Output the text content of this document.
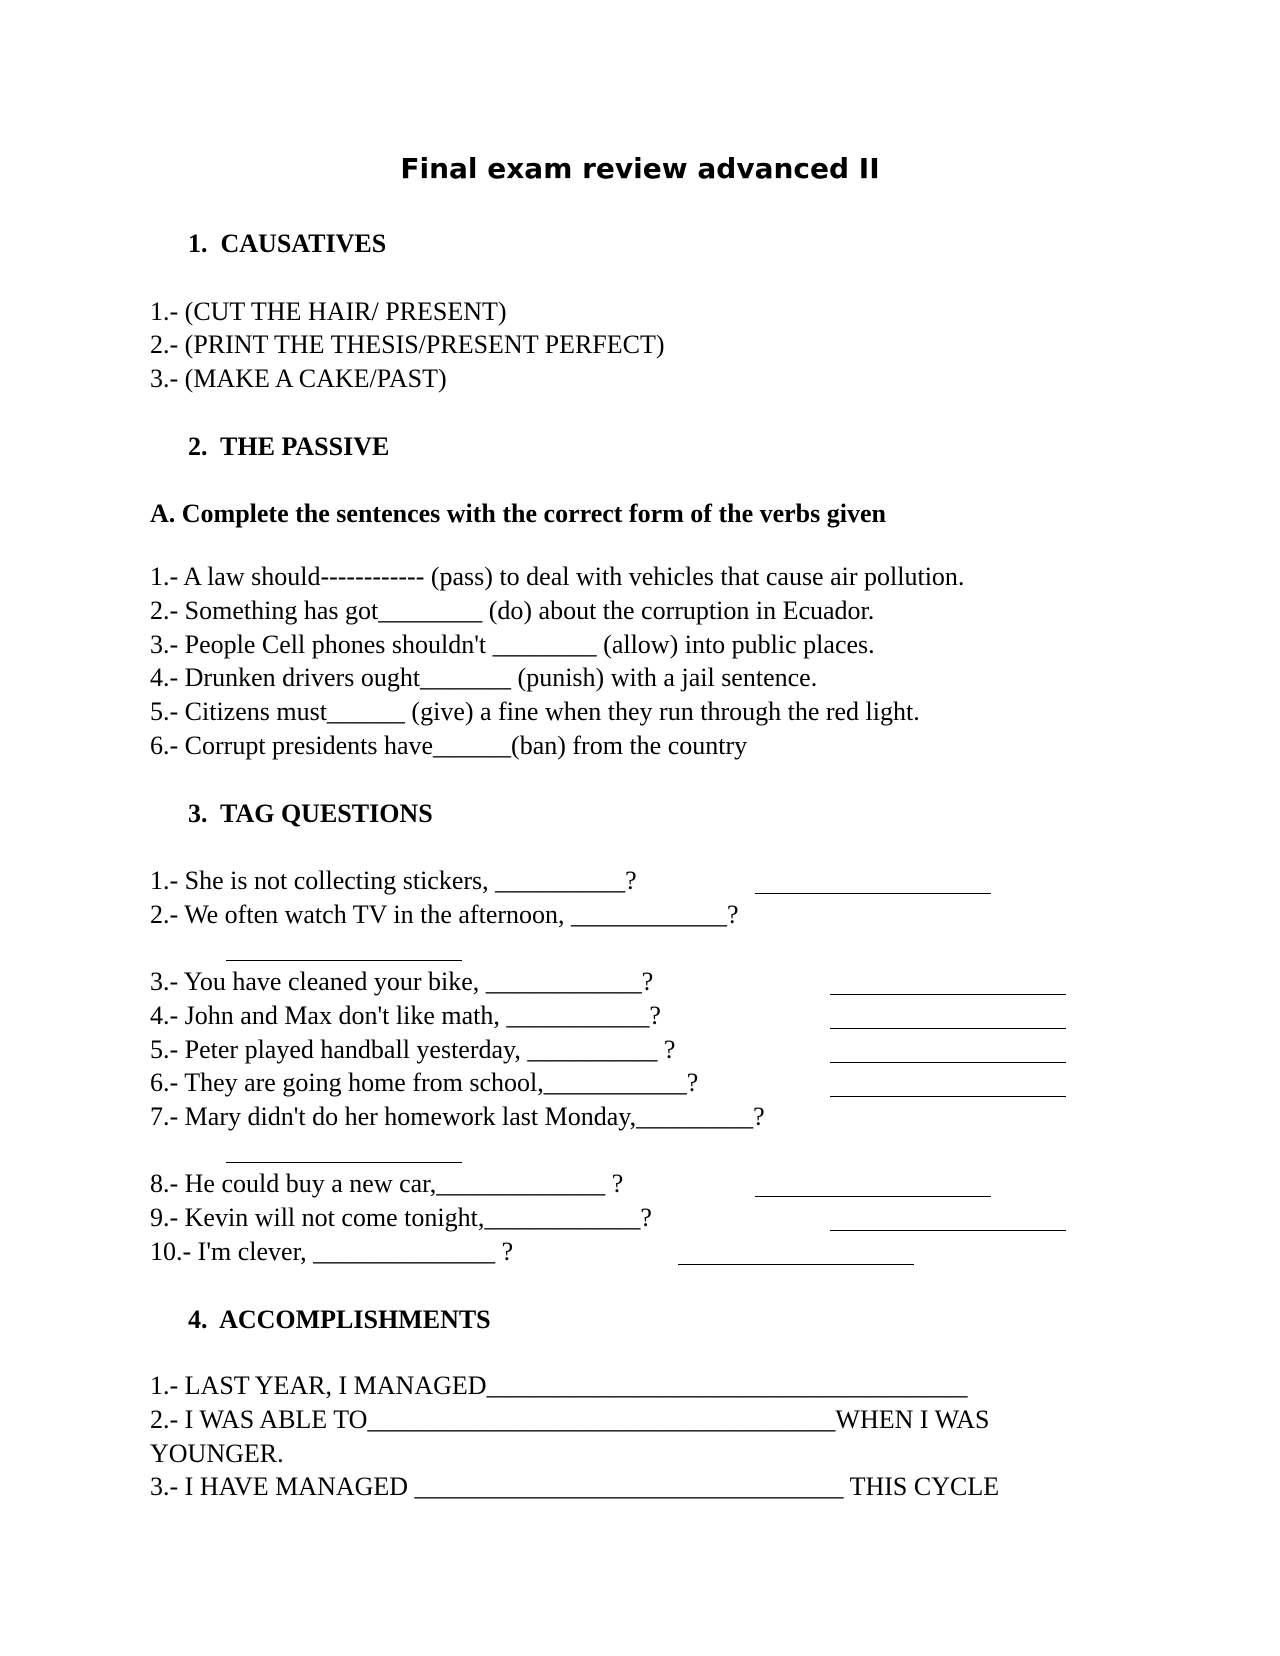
Final exam review advanced II
1.  CAUSATIVES
1.- (CUT THE HAIR/ PRESENT)
2.- (PRINT THE THESIS/PRESENT PERFECT)
3.- (MAKE A CAKE/PAST)
2.  THE PASSIVE
A. Complete the sentences with the correct form of the verbs given
1.- A law should------------ (pass) to deal with vehicles that cause air pollution.
2.- Something has got________ (do) about the corruption in Ecuador.
3.- People Cell phones shouldn't ________ (allow) into public places.
4.- Drunken drivers ought_______ (punish) with a jail sentence.
5.- Citizens must______ (give) a fine when they run through the red light.
6.- Corrupt presidents have______(ban) from the country
3.  TAG QUESTIONS
1.- She is not collecting stickers, __________?
2.- We often watch TV in the afternoon, ____________?
3.- You have cleaned your bike, ____________?
4.- John and Max don't like math, ___________?
5.- Peter played handball yesterday, __________ ?
6.- They are going home from school,___________?
7.- Mary didn't do her homework last Monday,_________?
8.- He could buy a new car,_____________ ?
9.- Kevin will not come tonight,____________?
10.- I'm clever, ______________ ?
4.  ACCOMPLISHMENTS
1.- LAST YEAR, I MANAGED_____________________________________
2.- I WAS ABLE TO____________________________________WHEN I WAS
YOUNGER.
3.- I HAVE MANAGED _________________________________ THIS CYCLE
